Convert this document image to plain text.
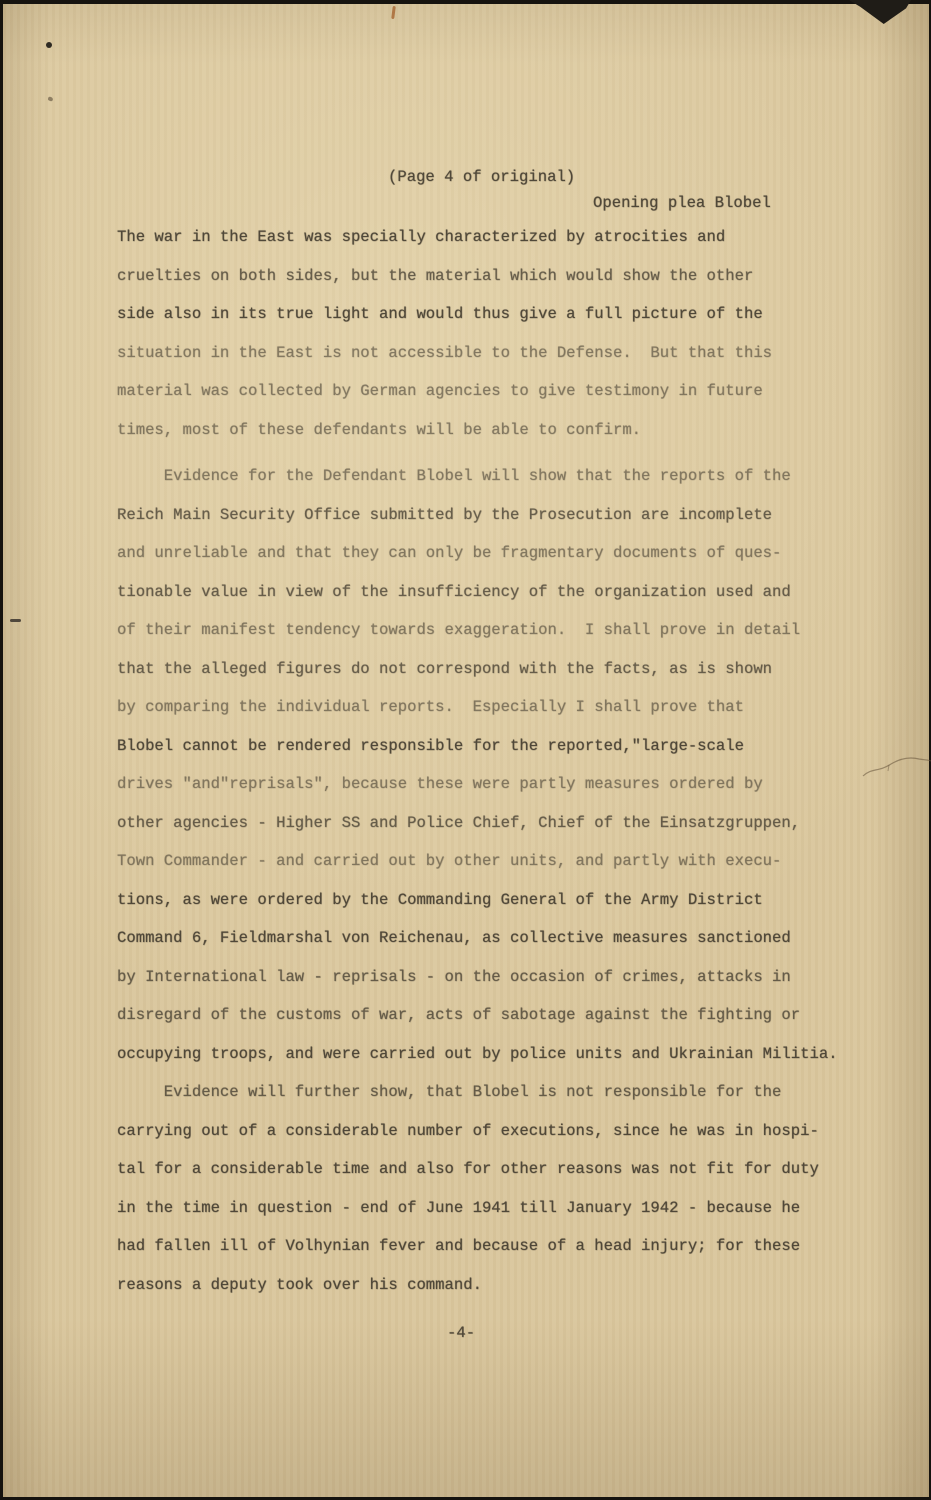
(Page 4 of original)
Opening plea Blobel
The war in the East was specially characterized by atrocities and
cruelties on both sides, but the material which would show the other
side also in its true light and would thus give a full picture of the
situation in the East is not accessible to the Defense.  But that this
material was collected by German agencies to give testimony in future
times, most of these defendants will be able to confirm.
Evidence for the Defendant Blobel will show that the reports of the
Reich Main Security Office submitted by the Prosecution are incomplete
and unreliable and that they can only be fragmentary documents of ques-
tionable value in view of the insufficiency of the organization used and
of their manifest tendency towards exaggeration.  I shall prove in detail
that the alleged figures do not correspond with the facts, as is shown
by comparing the individual reports.  Especially I shall prove that
Blobel cannot be rendered responsible for the reported,"large-scale
drives "and"reprisals", because these were partly measures ordered by
other agencies - Higher SS and Police Chief, Chief of the Einsatzgruppen,
Town Commander - and carried out by other units, and partly with execu-
tions, as were ordered by the Commanding General of the Army District
Command 6, Fieldmarshal von Reichenau, as collective measures sanctioned
by International law - reprisals - on the occasion of crimes, attacks in
disregard of the customs of war, acts of sabotage against the fighting or
occupying troops, and were carried out by police units and Ukrainian Militia.
Evidence will further show, that Blobel is not responsible for the
carrying out of a considerable number of executions, since he was in hospi-
tal for a considerable time and also for other reasons was not fit for duty
in the time in question - end of June 1941 till January 1942 - because he
had fallen ill of Volhynian fever and because of a head injury; for these
reasons a deputy took over his command.
-4-
